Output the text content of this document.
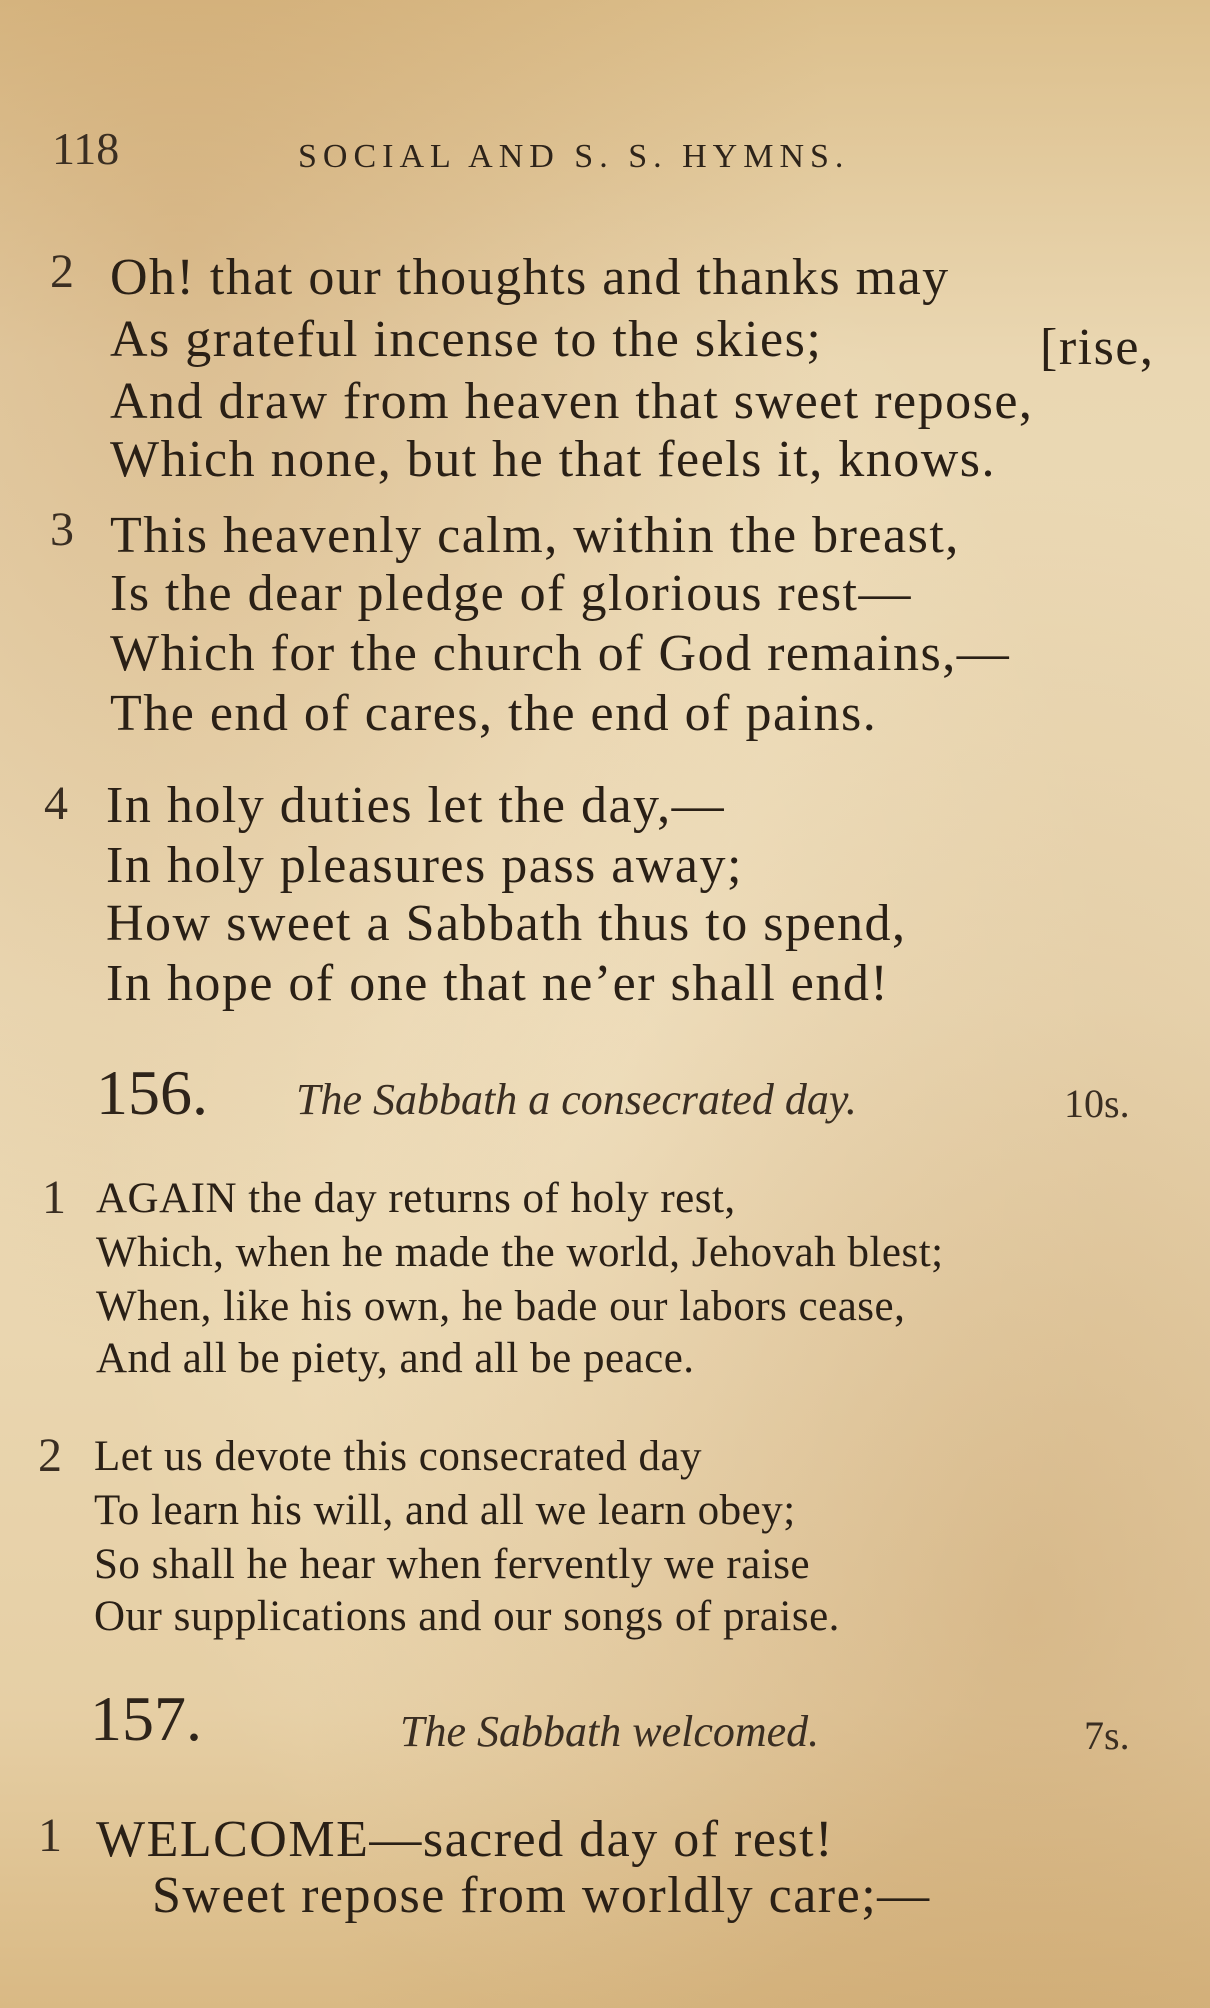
118	SOCIAL AND S. S. HYMNS.
2 Oh! that our thoughts and thanks may
As grateful incense to the skies;	[rise,
And draw from heaven that sweet repose,
Which none, but he that feels it, knows.
3 This heavenly calm, within the breast,
Is the dear pledge of glorious rest—
Which for the church of God remains,—
The end of cares, the end of pains.
4 In holy duties let the day,—
In holy pleasures pass away;
How sweet a Sabbath thus to spend,
In hope of one that ne’er shall end!
156. The Sabbath a consecrated day.	10s.
1 AGAIN the day returns of holy rest,
Which, when he made the world, Jehovah blest;
When, like his own, he bade our labors cease,
And all be piety, and all be peace.
2 Let us devote this consecrated day
To learn his will, and all we learn obey;
So shall he hear when fervently we raise
Our supplications and our songs of praise.
157.	The Sabbath welcomed.	7s.
1 WELCOME—sacred day of rest!
Sweet repose from worldly care;—
